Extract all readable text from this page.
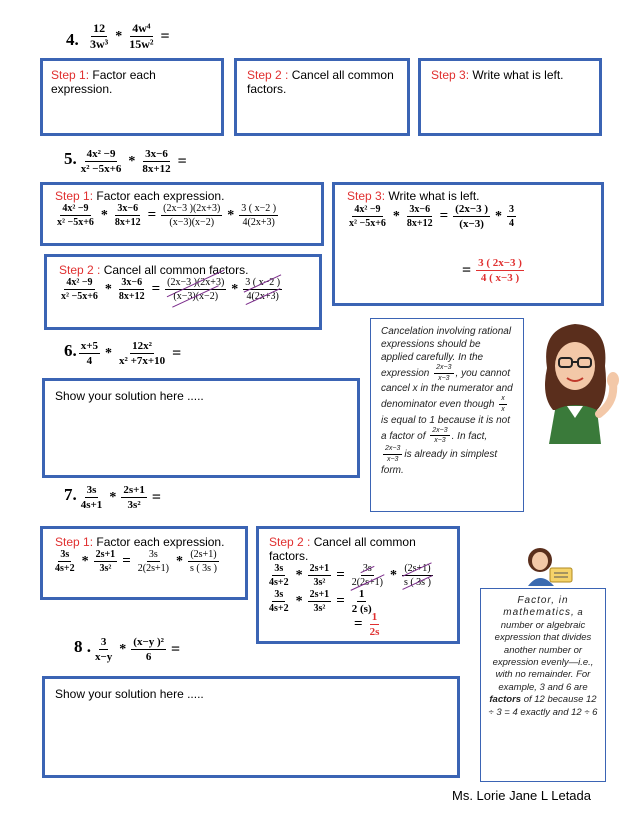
4. $\frac{12}{\text{3w³}} * \frac{\text{4w⁴}}{\text{15w²}}$ =
Step 1: Factor each expression.
Step 2 : Cancel all common factors.
Step 3: Write what is left.
5. $\frac{\text{4x² −9}}{\text{x² −5x+6}} * \frac{3x-6}{8x+12}$ =
Step 1: Factor each expression.
$\frac{\text{4x² −9}}{\text{x² −5x+6}} * \frac{3x-6}{8x+12} = \frac{(2x-3 )(2x+3)}{(x-3)(x-2)} * \frac{3 ( x-2 )}{4(2x+3)}$
Step 3: Write what is left.
$\frac{\text{4x² −9}}{\text{x² −5x+6}} * \frac{3x-6}{8x+12} = \frac{(2x-3 )}{(x-3)} * \frac{3}{4}$
= $\frac{3 ( 2x-3 )}{4 ( x-3 )}$
Step 2 : Cancel all common factors.
$\frac{\text{4x² −9}}{\text{x² −5x+6}} * \frac{3x-6}{8x+12} = \frac{(2x-3 )(2x+3)}{(x-3)(x-2)} * \frac{3 ( x-2 )}{4(2x+3)}$
6. $\frac{x+5}{4} * \frac{\text{12x²}}{\text{x² +7x+10}}$ =
Show your solution here .....
Cancelation involving rational expressions should be applied carefully. In the expression $\frac{2x-3}{x-3}$ , you cannot cancel x in the numerator and denominator even though $\frac{x}{x}$
is equal to 1 because it is not a factor of $\frac{2x-3}{x-3}$ . In fact,
$\frac{2x-3}{x-3}$ is already in simplest form.
7. $\frac{3s}{4s+1} * \frac{2s+1}{\text{3s²}}$ =
Step 1: Factor each expression.
$\frac{3s}{4s+2} * \frac{2s+1}{\text{3s²}} = \frac{3s}{2(2s+1)} * \frac{(2s+1)}{s ( 3s )}$
Step 2 : Cancel all common factors.
$\frac{3s}{4s+2} * \frac{2s+1}{\text{3s²}} = \frac{3s}{2(2s+1)} * \frac{(2s+1)}{s ( 3s )}$
$\frac{3s}{4s+2} * \frac{2s+1}{\text{3s²}} = \frac{1}{2 (s)}$
= $\frac{1}{2s}$
Factor, in mathematics, a number or algebraic expression that divides another number or expression evenly—i.e., with no remainder. For example, 3 and 6 are factors of 12 because 12 ÷ 3 = 4 exactly and 12 ÷ 6
8 . $\frac{3}{x-y} * \frac{\text{(x−y )²}}{6}$ =
Show your solution here .....
Ms. Lorie Jane L Letada
